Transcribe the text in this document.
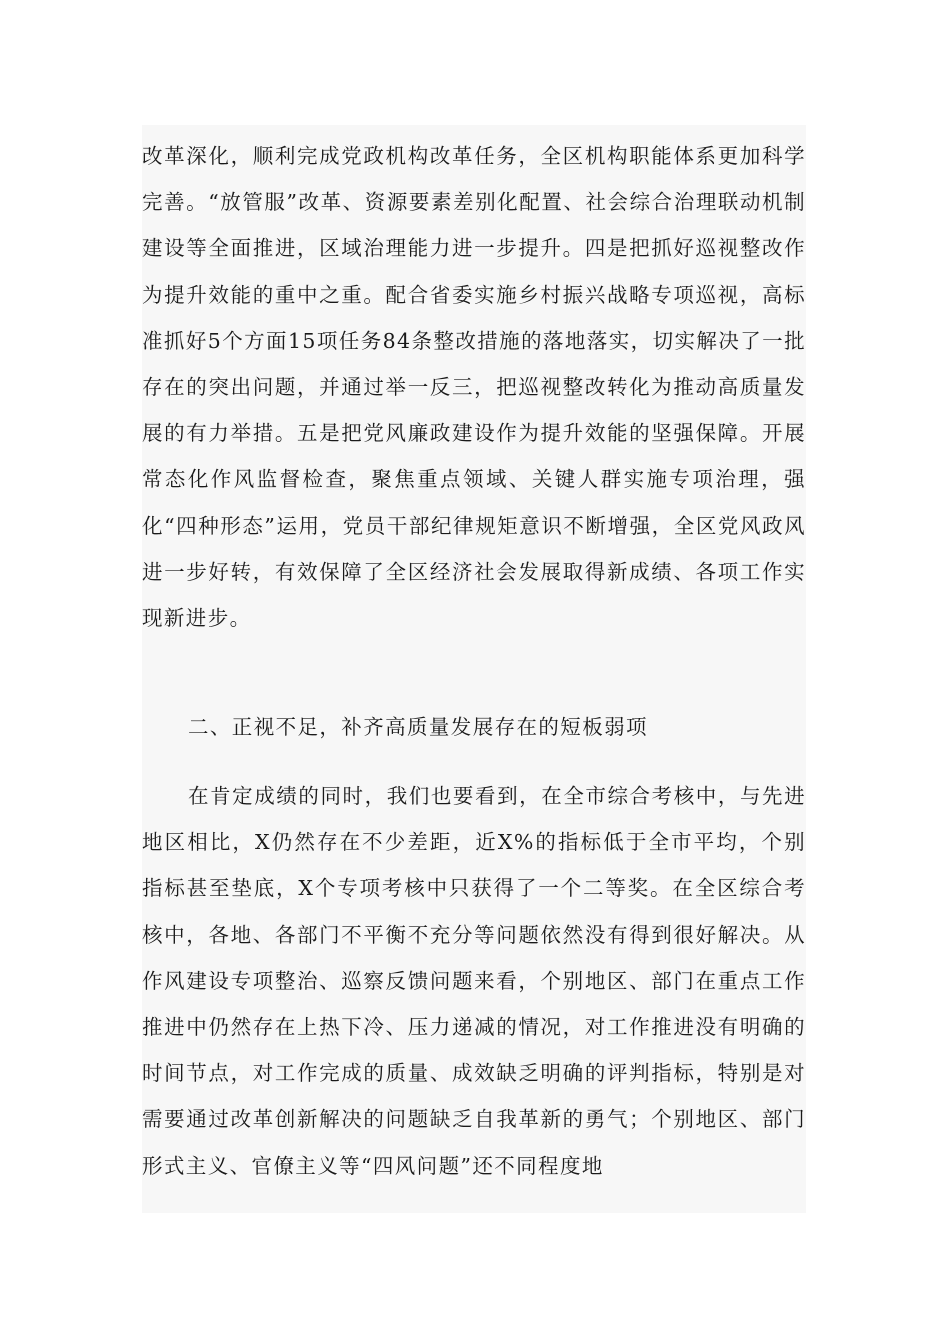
改革深化，顺利完成党政机构改革任务，全区机构职能体系更加科学完善。“放管服”改革、资源要素差别化配置、社会综合治理联动机制建设等全面推进，区域治理能力进一步提升。四是把抓好巡视整改作为提升效能的重中之重。配合省委实施乡村振兴战略专项巡视，高标准抓好5个方面15项任务84条整改措施的落地落实，切实解决了一批存在的突出问题，并通过举一反三，把巡视整改转化为推动高质量发展的有力举措。五是把党风廉政建设作为提升效能的坚强保障。开展常态化作风监督检查，聚焦重点领域、关键人群实施专项治理，强化“四种形态”运用，党员干部纪律规矩意识不断增强，全区党风政风进一步好转，有效保障了全区经济社会发展取得新成绩、各项工作实现新进步。

二、正视不足，补齐高质量发展存在的短板弱项

在肯定成绩的同时，我们也要看到，在全市综合考核中，与先进地区相比，X仍然存在不少差距，近X%的指标低于全市平均，个别指标甚至垫底，X个专项考核中只获得了一个二等奖。在全区综合考核中，各地、各部门不平衡不充分等问题依然没有得到很好解决。从作风建设专项整治、巡察反馈问题来看，个别地区、部门在重点工作推进中仍然存在上热下冷、压力递减的情况，对工作推进没有明确的时间节点，对工作完成的质量、成效缺乏明确的评判指标，特别是对需要通过改革创新解决的问题缺乏自我革新的勇气；个别地区、部门形式主义、官僚主义等“四风问题”还不同程度地
